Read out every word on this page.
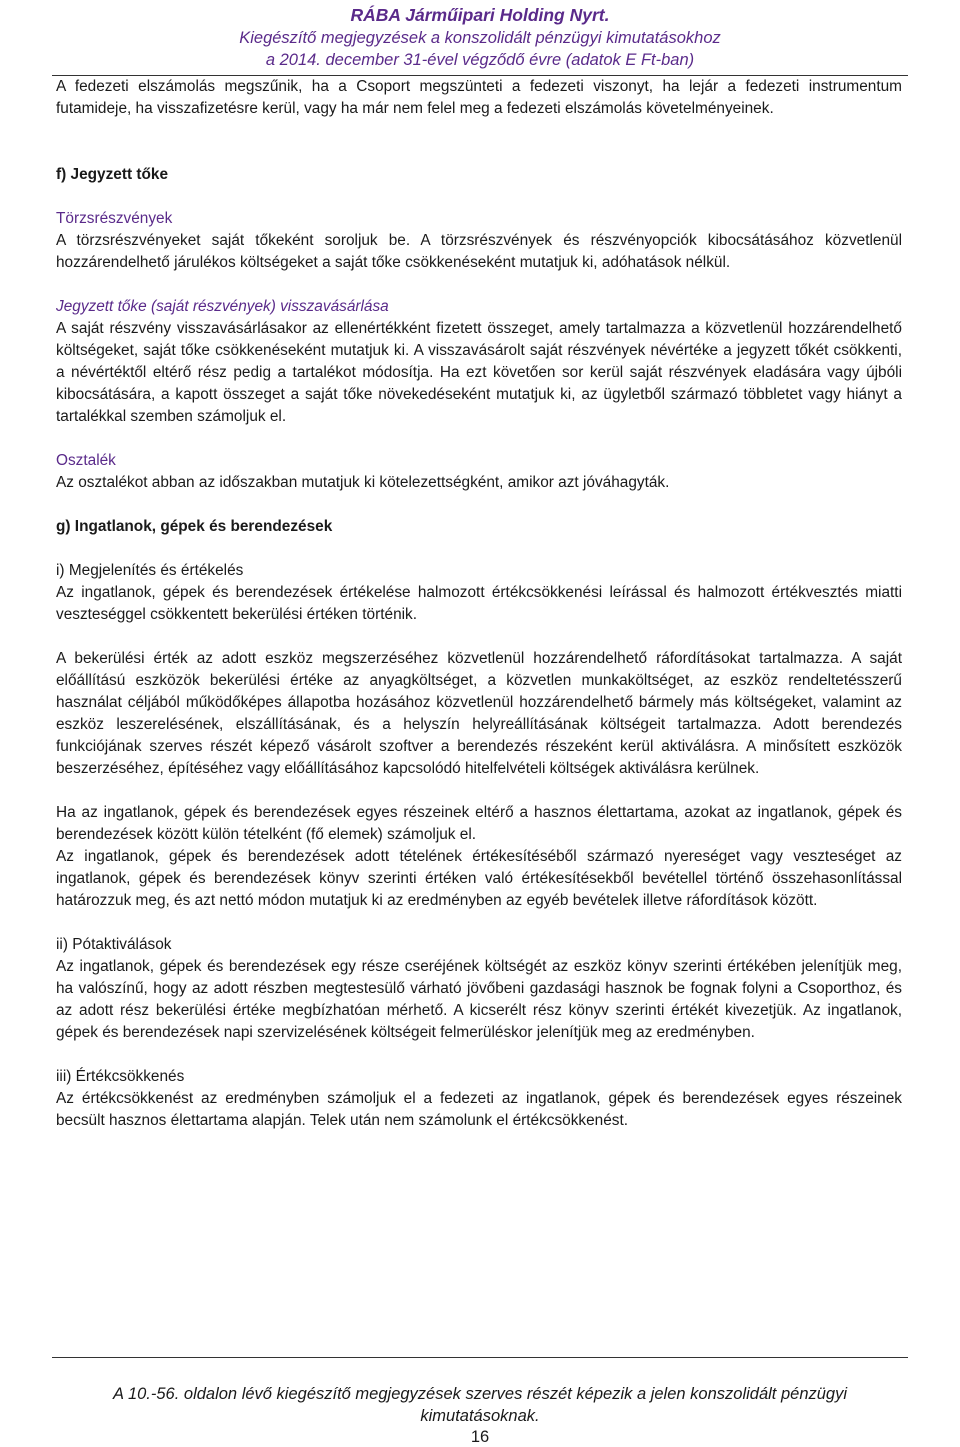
RÁBA Járműipari Holding Nyrt.
Kiegészítő megjegyzések a konszolidált pénzügyi kimutatásokhoz
a 2014. december 31-ével végződő évre (adatok E Ft-ban)

A fedezeti elszámolás megszűnik, ha a Csoport megszünteti a fedezeti viszonyt, ha lejár a fedezeti instrumentum futamideje, ha visszafizetésre kerül, vagy ha már nem felel meg a fedezeti elszámolás követelményeinek.

f) Jegyzett tőke

Törzsrészvények

A törzsrészvényeket saját tőkeként soroljuk be. A törzsrészvények és részvényopciók kibocsátásához közvetlenül hozzárendelhető járulékos költségeket a saját tőke csökkenéseként mutatjuk ki, adóhatások nélkül.

Jegyzett tőke (saját részvények) visszavásárlása

A saját részvény visszavásárlásakor az ellenértékként fizetett összeget, amely tartalmazza a közvetlenül hozzárendelhető költségeket, saját tőke csökkenéseként mutatjuk ki. A visszavásárolt saját részvények névértéke a jegyzett tőkét csökkenti, a névértéktől eltérő rész pedig a tartalékot módosítja. Ha ezt követően sor kerül saját részvények eladására vagy újbóli kibocsátására, a kapott összeget a saját tőke növekedéseként mutatjuk ki, az ügyletből származó többletet vagy hiányt a tartalékkal szemben számoljuk el.

Osztalék

Az osztalékot abban az időszakban mutatjuk ki kötelezettségként, amikor azt jóváhagyták.

g) Ingatlanok, gépek és berendezések

i) Megjelenítés és értékelés

Az ingatlanok, gépek és berendezések értékelése halmozott értékcsökkenési leírással és halmozott értékvesztés miatti veszteséggel csökkentett bekerülési értéken történik.

A bekerülési érték az adott eszköz megszerzéséhez közvetlenül hozzárendelhető ráfordításokat tartalmazza. A saját előállítású eszközök bekerülési értéke az anyagköltséget, a közvetlen munkaköltséget, az eszköz rendeltetésszerű használat céljából működőképes állapotba hozásához közvetlenül hozzárendelhető bármely más költségeket, valamint az eszköz leszerelésének, elszállításának, és a helyszín helyreállításának költségeit tartalmazza. Adott berendezés funkciójának szerves részét képező vásárolt szoftver a berendezés részeként kerül aktiválásra. A minősített eszközök beszerzéséhez, építéséhez vagy előállításához kapcsolódó hitelfelvételi költségek aktiválásra kerülnek.

Ha az ingatlanok, gépek és berendezések egyes részeinek eltérő a hasznos élettartama, azokat az ingatlanok, gépek és berendezések között külön tételként (fő elemek) számoljuk el.

Az ingatlanok, gépek és berendezések adott tételének értékesítéséből származó nyereséget vagy veszteséget az ingatlanok, gépek és berendezések könyv szerinti értéken való értékesítésekből bevétellel történő összehasonlítással határozzuk meg, és azt nettó módon mutatjuk ki az eredményben az egyéb bevételek illetve ráfordítások között.

ii) Pótaktiválások

Az ingatlanok, gépek és berendezések egy része cseréjének költségét az eszköz könyv szerinti értékében jelenítjük meg, ha valószínű, hogy az adott részben megtestesülő várható jövőbeni gazdasági hasznok be fognak folyni a Csoporthoz, és az adott rész bekerülési értéke megbízhatóan mérhető. A kicserélt rész könyv szerinti értékét kivezetjük. Az ingatlanok, gépek és berendezések napi szervizelésének költségeit felmerüléskor jelenítjük meg az eredményben.

iii) Értékcsökkenés

Az értékcsökkenést az eredményben számoljuk el a fedezeti az ingatlanok, gépek és berendezések egyes részeinek becsült hasznos élettartama alapján. Telek után nem számolunk el értékcsökkenést.

A 10.-56. oldalon lévő kiegészítő megjegyzések szerves részét képezik a jelen konszolidált pénzügyi
kimutatásoknak.
16
